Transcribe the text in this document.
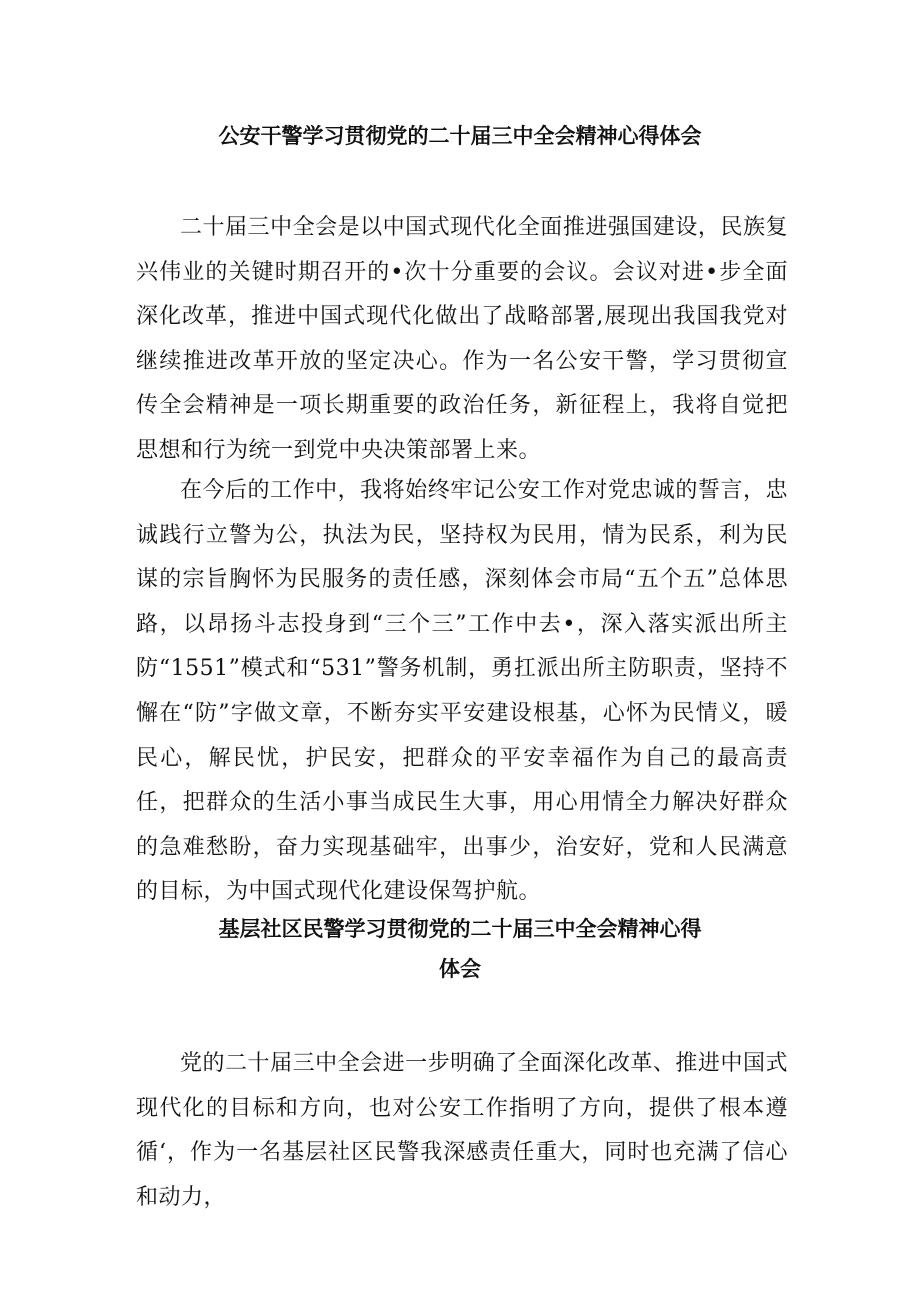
公安干警学习贯彻党的二十届三中全会精神心得体会

二十届三中全会是以中国式现代化全面推进强国建设，民族复兴伟业的关键时期召开的•次十分重要的会议。会议对进•步全面深化改革，推进中国式现代化做出了战略部署,展现出我国我党对继续推进改革开放的坚定决心。作为一名公安干警，学习贯彻宣传全会精神是一项长期重要的政治任务，新征程上，我将自觉把思想和行为统一到党中央决策部署上来。

在今后的工作中，我将始终牢记公安工作对党忠诚的誓言，忠诚践行立警为公，执法为民，坚持权为民用，情为民系，利为民谋的宗旨胸怀为民服务的责任感，深刻体会市局“五个五”总体思路，以昂扬斗志投身到“三个三”工作中去•，深入落实派出所主防“1551”模式和“531”警务机制，勇扛派出所主防职责，坚持不懈在“防”字做文章，不断夯实平安建设根基，心怀为民情义，暖民心，解民忧，护民安，把群众的平安幸福作为自己的最高责任，把群众的生活小事当成民生大事，用心用情全力解决好群众的急难愁盼，奋力实现基础牢，出事少，治安好，党和人民满意的目标，为中国式现代化建设保驾护航。

基层社区民警学习贯彻党的二十届三中全会精神心得
体会

党的二十届三中全会进一步明确了全面深化改革、推进中国式现代化的目标和方向，也对公安工作指明了方向，提供了根本遵循‘，作为一名基层社区民警我深感责任重大，同时也充满了信心和动力，
